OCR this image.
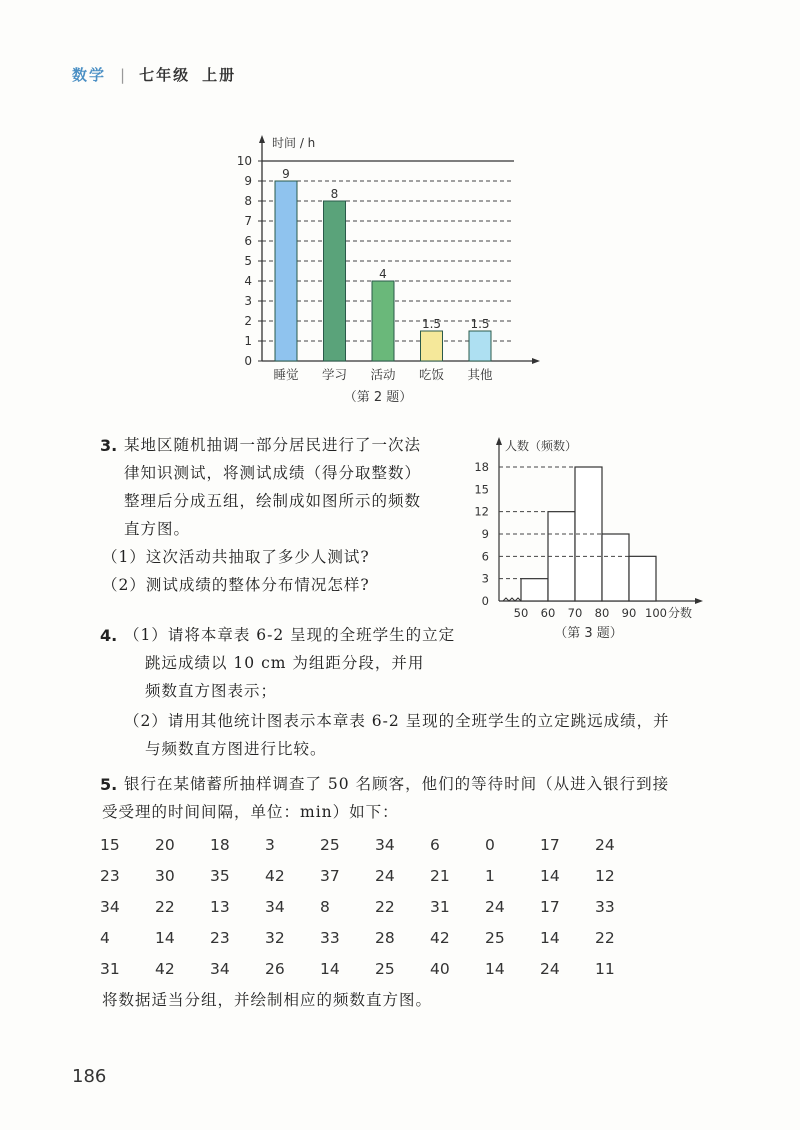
数学 | 七年级 上册
0
1
2
3
4
5
6
7
8
9
10
时间 / h
9
睡觉
8
学习
4
活动
1.5
吃饭
1.5
其他
（第 2 题）
人数（频数）
0
3
6
9
12
15
18
50 60 70 80 90 100 分数
（第 3 题）
3. 某地区随机抽调一部分居民进行了一次法
律知识测试，将测试成绩（得分取整数）
整理后分成五组，绘制成如图所示的频数
直方图。
（1）这次活动共抽取了多少人测试?
（2）测试成绩的整体分布情况怎样?
4. （1）请将本章表 6-2 呈现的全班学生的立定
跳远成绩以 10 cm 为组距分段，并用
频数直方图表示；
（2）请用其他统计图表示本章表 6-2 呈现的全班学生的立定跳远成绩，并
与频数直方图进行比较。
5. 银行在某储蓄所抽样调查了 50 名顾客，他们的等待时间（从进入银行到接
受受理的时间间隔，单位：min）如下：
15	20	18	3	25	34	6	0	17	24
23	30	35	42	37	24	21	1	14	12
34	22	13	34	8	22	31	24	17	33
4	14	23	32	33	28	42	25	14	22
31	42	34	26	14	25	40	14	24	11
将数据适当分组，并绘制相应的频数直方图。
186
